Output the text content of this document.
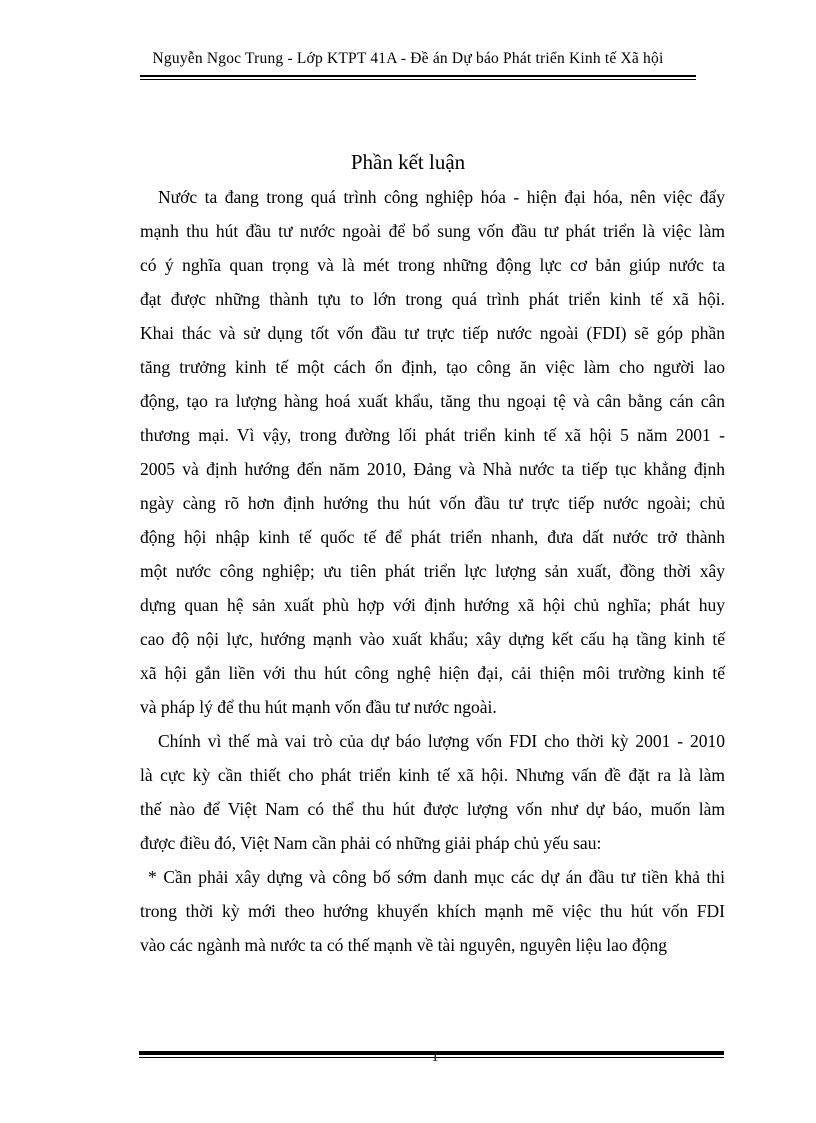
Nguyễn Ngoc Trung - Lớp KTPT 41A - Đề án Dự báo Phát triển Kinh tế Xã hội
Phần kết luận
Nước ta đang trong quá trình công nghiệp hóa - hiện đại hóa, nên việc đẩy
mạnh thu hút đầu tư nước ngoài để bổ sung vốn đầu tư phát triển là việc làm
có ý nghĩa quan trọng và là mét trong những động lực cơ bản giúp nước ta
đạt được những thành tựu to lớn trong quá trình phát triển kinh tế xã hội.
Khai thác và sử dụng tốt vốn đầu tư trực tiếp nước ngoài (FDI) sẽ góp phần
tăng trưởng kinh tế một cách ổn định, tạo công ăn việc làm cho người lao
động, tạo ra lượng hàng hoá xuất khẩu, tăng thu ngoại tệ và cân bằng cán cân
thương mại. Vì vậy, trong đường lối phát triển kinh tế xã hội 5 năm 2001 -
2005 và định hướng đến năm 2010, Đảng và Nhà nước ta tiếp tục khẳng định
ngày càng rõ hơn định hướng thu hút vốn đầu tư trực tiếp nước ngoài; chủ
động hội nhập kinh tế quốc tế để phát triển nhanh, đưa dất nước trở thành
một nước công nghiệp; ưu tiên phát triển lực lượng sản xuất, đồng thời xây
dựng quan hệ sản xuất phù hợp với định hướng xã hội chủ nghĩa; phát huy
cao độ nội lực, hướng mạnh vào xuất khẩu; xây dựng kết cấu hạ tầng kinh tế
xã hội gắn liền với thu hút công nghệ hiện đại, cải thiện môi trường kinh tế
và pháp lý để thu hút mạnh vốn đầu tư nước ngoài.
Chính vì thế mà vai trò của dự báo lượng vốn FDI cho thời kỳ 2001 - 2010
là cực kỳ cần thiết cho phát triển kinh tế xã hội. Nhưng vấn đề đặt ra là làm
thế nào để Việt Nam có thể thu hút được lượng vốn như dự báo, muốn làm
được điều đó, Việt Nam cần phải có những giải pháp chủ yếu sau:
* Cần phải xây dựng và công bố sớm danh mục các dự án đầu tư tiền khả thi
trong thời kỳ mới theo hướng khuyến khích mạnh mẽ việc thu hút vốn FDI
vào các ngành mà nước ta có thế mạnh về tài nguyên, nguyên liệu lao động
1
